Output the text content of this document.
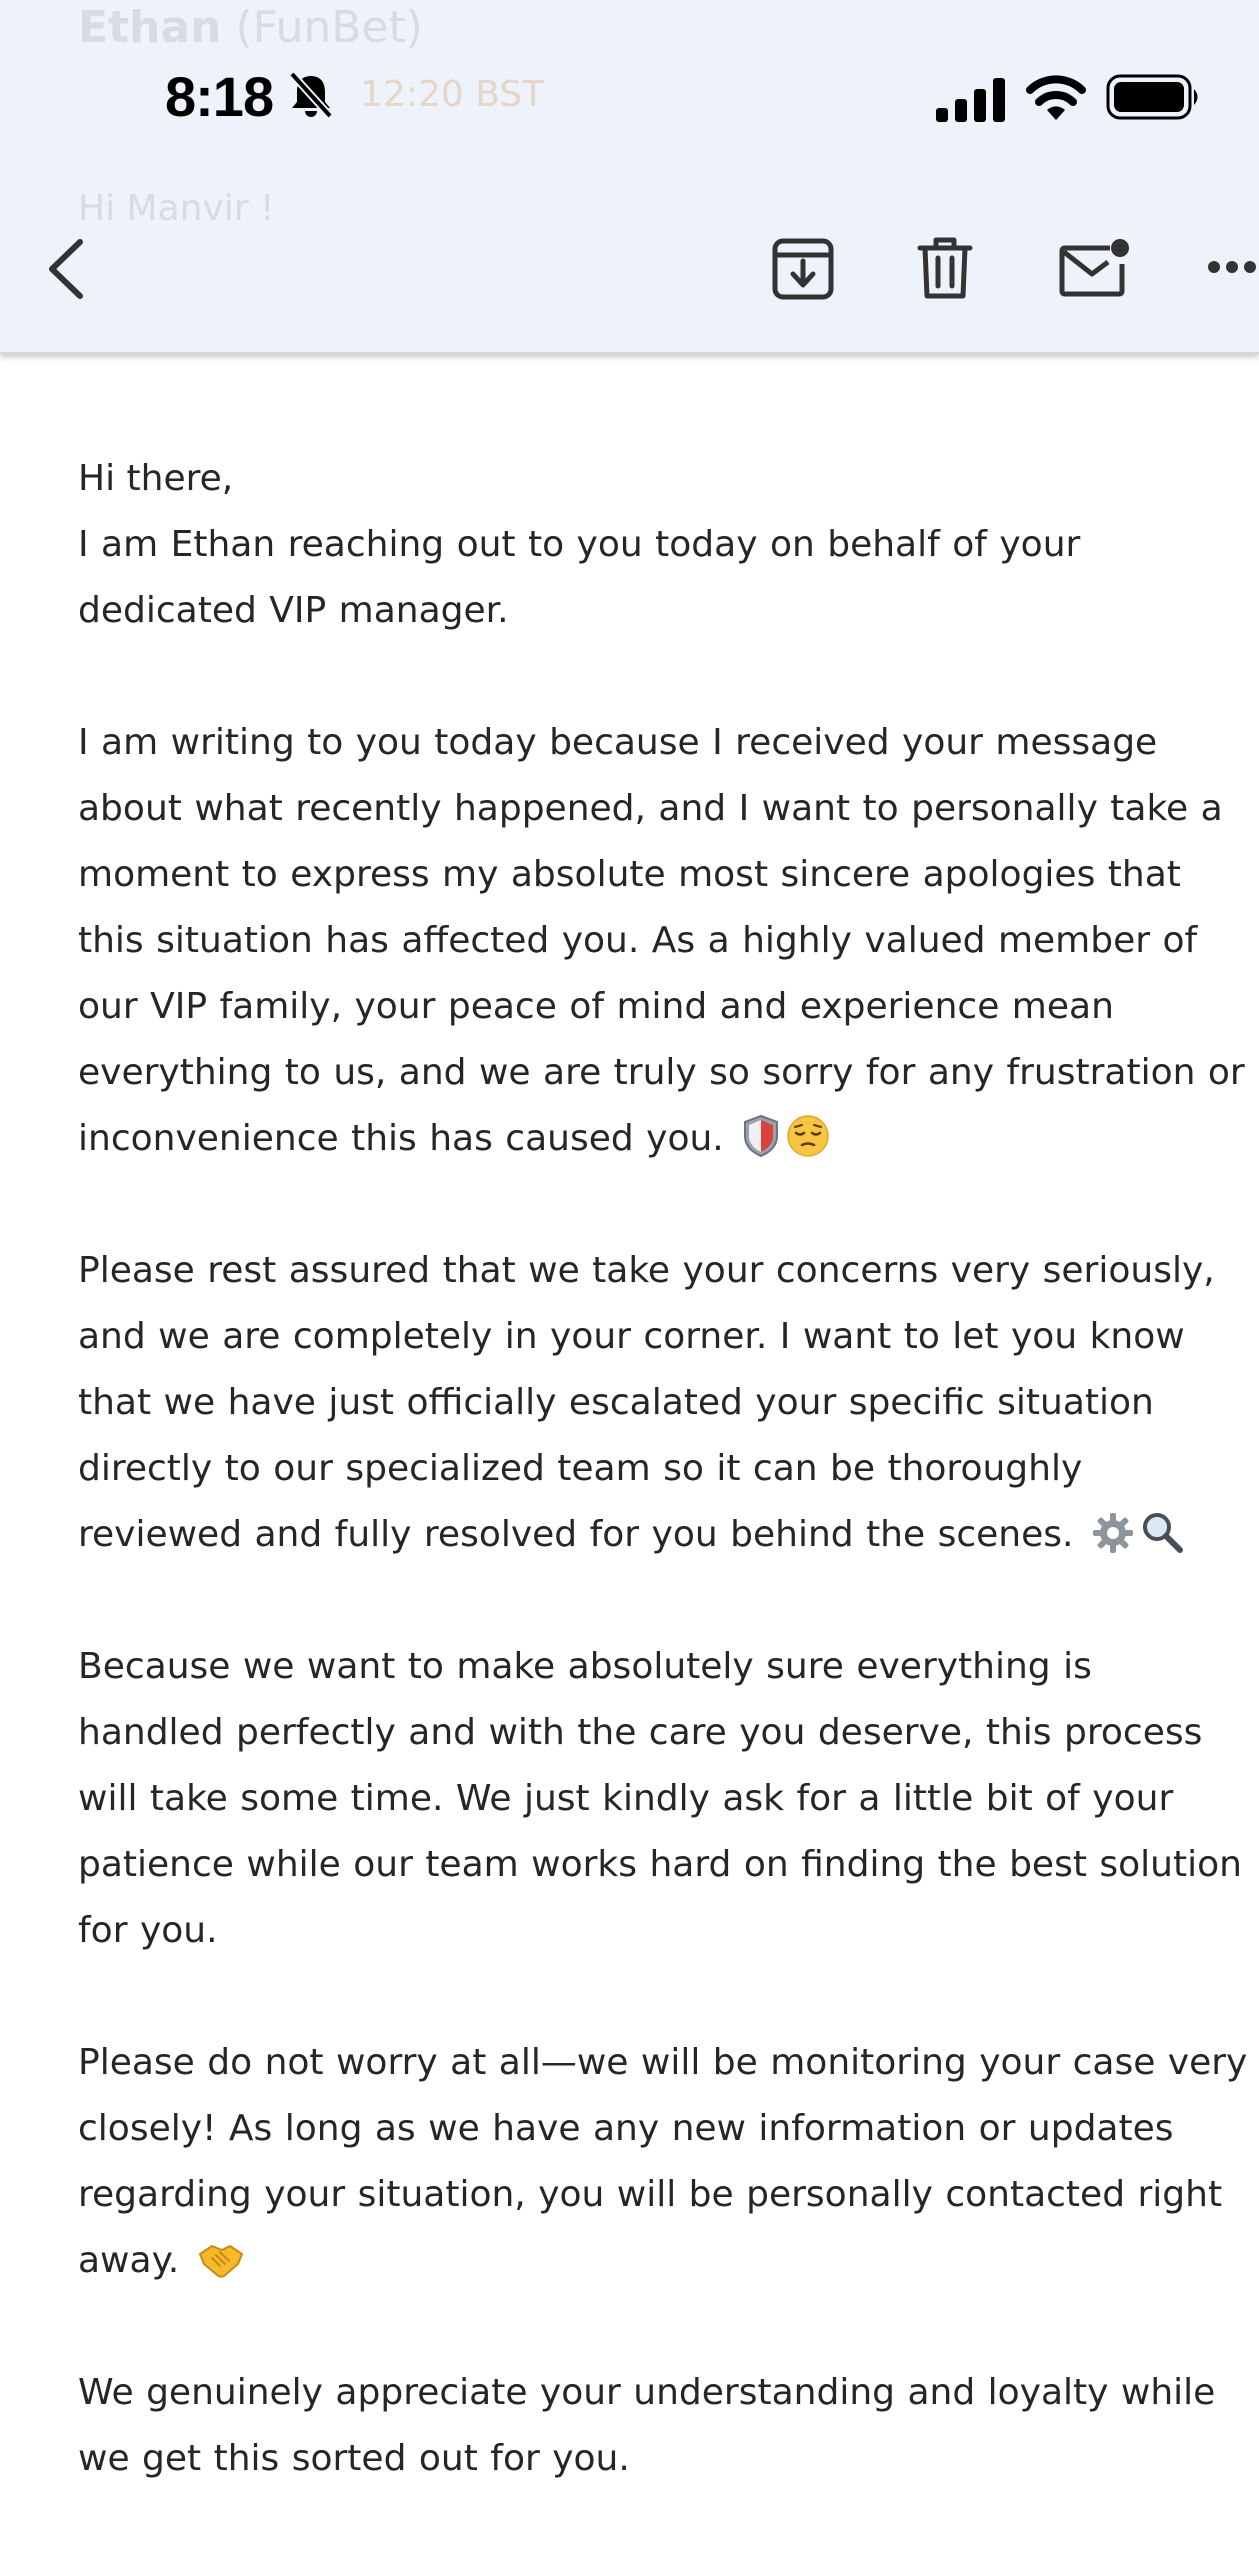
Ethan (FunBet)
12:20 BST
Hi Manvir !
8:18
Hi there,

I am Ethan reaching out to you today on behalf of your dedicated VIP manager.

I am writing to you today because I received your message about what recently happened, and I want to personally take a moment to express my absolute most sincere apologies that this situation has affected you. As a highly valued member of our VIP family, your peace of mind and experience mean everything to us, and we are truly so sorry for any frustration or inconvenience this has caused you.

Please rest assured that we take your concerns very seriously, and we are completely in your corner. I want to let you know that we have just officially escalated your specific situation directly to our specialized team so it can be thoroughly reviewed and fully resolved for you behind the scenes.

Because we want to make absolutely sure everything is handled perfectly and with the care you deserve, this process will take some time. We just kindly ask for a little bit of your patience while our team works hard on finding the best solution for you.

Please do not worry at all—we will be monitoring your case very closely! As long as we have any new information or updates regarding your situation, you will be personally contacted right away.

We genuinely appreciate your understanding and loyalty while we get this sorted out for you.
